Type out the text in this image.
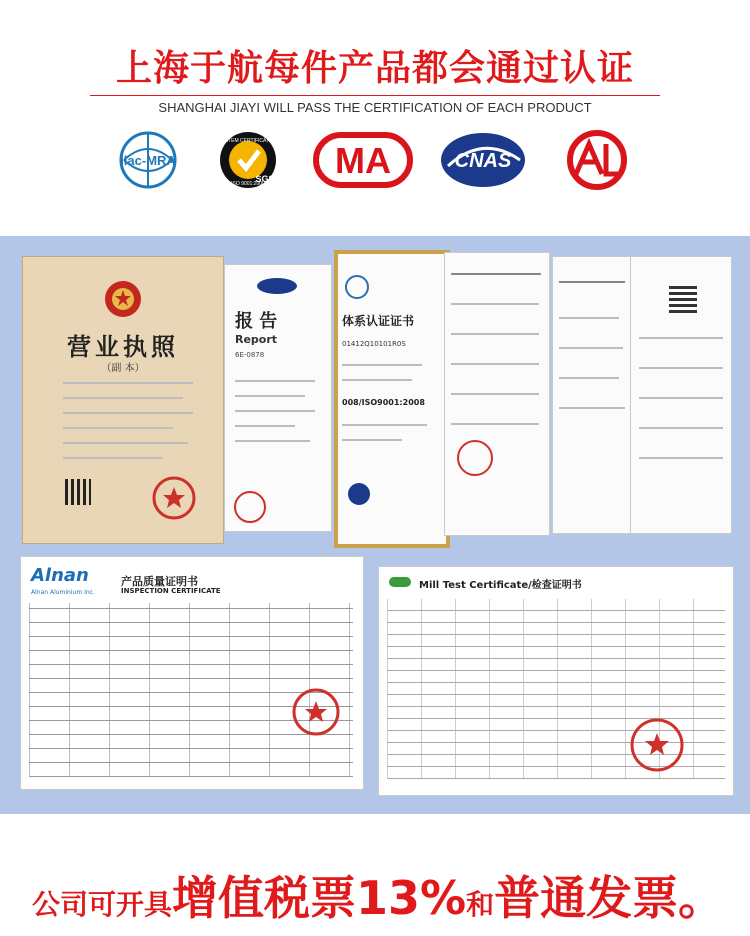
上海于航每件产品都会通过认证
SHANGHAI JIAYI WILL PASS THE CERTIFICATION OF EACH PRODUCT
ilac-MRA
SYSTEM CERTIFICATION
ISO 9001:2000
SGS MA	CNAS
CAL
营业执照
（副 本）
报 告
Report
6E-0878
体系认证证书
01412Q10101R0S
008/ISO9001:2008
Alnan
Alnan Aluminium Inc.
产品质量证明书
INSPECTION CERTIFICATE	Mill Test Certificate/检查证明书
公司可开具增值税票13%和普通发票。
